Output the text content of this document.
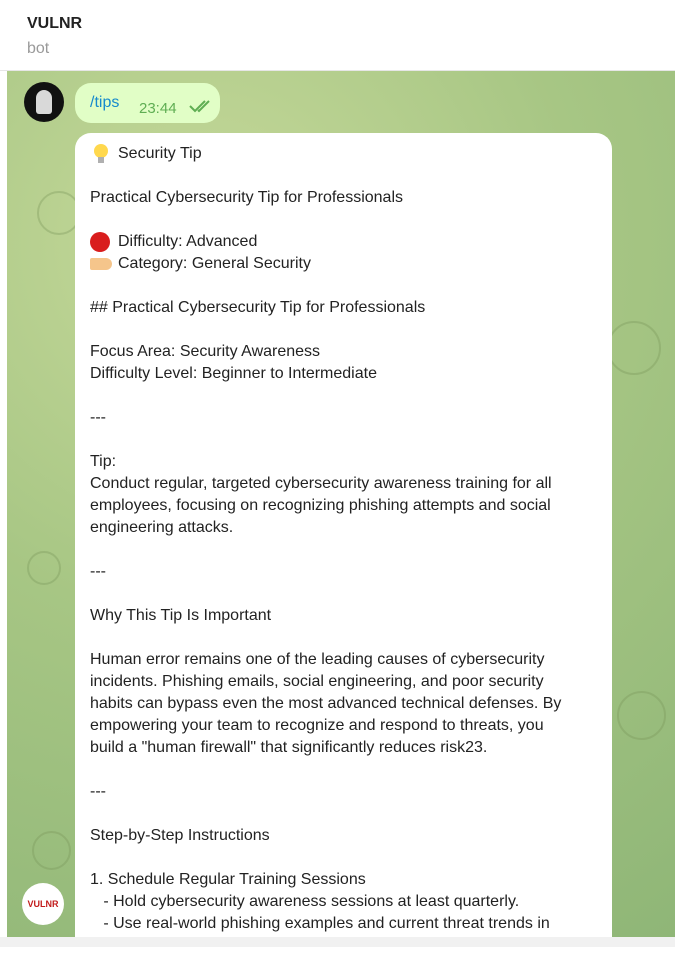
VULNR
bot
/tips 23:44
Security Tip
Practical Cybersecurity Tip for Professionals
Difficulty: Advanced
Category: General Security
## Practical Cybersecurity Tip for Professionals
Focus Area: Security Awareness
Difficulty Level: Beginner to Intermediate
---
Tip:
Conduct regular, targeted cybersecurity awareness training for all
employees, focusing on recognizing phishing attempts and social
engineering attacks.
---
Why This Tip Is Important
Human error remains one of the leading causes of cybersecurity
incidents. Phishing emails, social engineering, and poor security
habits can bypass even the most advanced technical defenses. By
empowering your team to recognize and respond to threats, you
build a "human firewall" that significantly reduces risk23.
---
Step-by-Step Instructions
1. Schedule Regular Training Sessions
- Hold cybersecurity awareness sessions at least quarterly.
- Use real-world phishing examples and current threat trends in
VULNR
